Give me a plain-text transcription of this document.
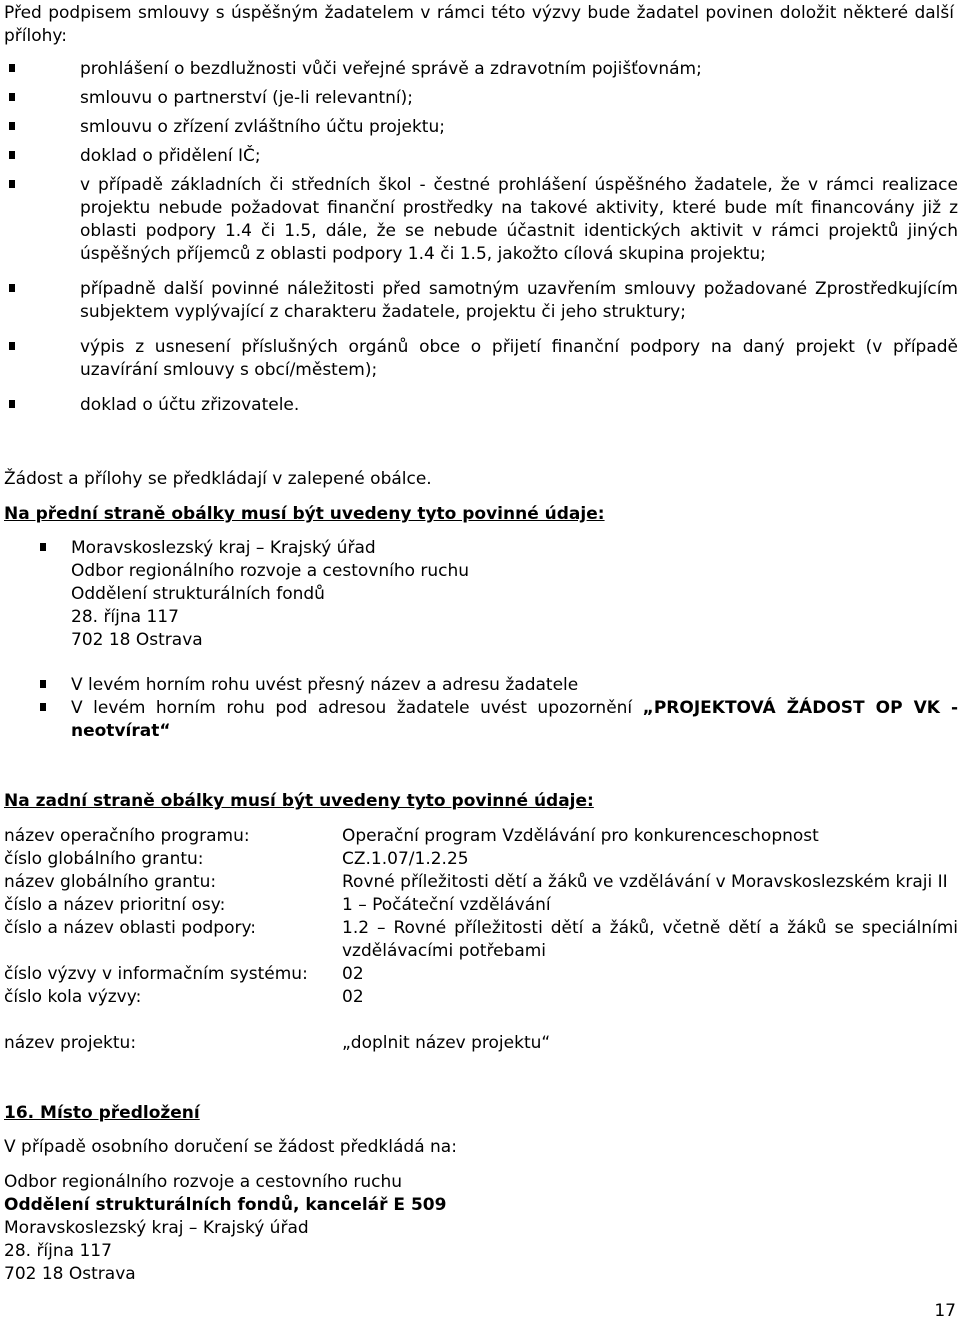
Před podpisem smlouvy s úspěšným žadatelem v rámci této výzvy bude žadatel povinen doložit některé další přílohy:
prohlášení o bezdlužnosti vůči veřejné správě a zdravotním pojišťovnám;
smlouvu o partnerství (je-li relevantní);
smlouvu o zřízení zvláštního účtu projektu;
doklad o přidělení IČ;
v případě základních či středních škol - čestné prohlášení úspěšného žadatele, že v rámci realizace projektu nebude požadovat finanční prostředky na takové aktivity, které bude mít financovány již z oblasti podpory 1.4 či 1.5, dále, že se nebude účastnit identických aktivit v rámci projektů jiných úspěšných příjemců z oblasti podpory 1.4 či 1.5, jakožto cílová skupina projektu;
případně další povinné náležitosti před samotným uzavřením smlouvy požadované Zprostředkujícím subjektem vyplývající z charakteru žadatele, projektu či jeho struktury;
výpis z usnesení příslušných orgánů obce o přijetí finanční podpory na daný projekt (v případě uzavírání smlouvy s obcí/městem);
doklad o účtu zřizovatele.
Žádost a přílohy se předkládají v zalepené obálce.
Na přední straně obálky musí být uvedeny tyto povinné údaje:
Moravskoslezský kraj – Krajský úřad
Odbor regionálního rozvoje a cestovního ruchu
Oddělení strukturálních fondů
28. října 117
702 18 Ostrava
V levém horním rohu uvést přesný název a adresu žadatele
V levém horním rohu pod adresou žadatele uvést upozornění „PROJEKTOVÁ ŽÁDOST OP VK - neotvírat“
Na zadní straně obálky musí být uvedeny tyto povinné údaje:
název operačního programu:	Operační program Vzdělávání pro konkurenceschopnost
číslo globálního grantu:	CZ.1.07/1.2.25
název globálního grantu:	Rovné příležitosti dětí a žáků ve vzdělávání v Moravskoslezském kraji II
číslo a název prioritní osy:	1 – Počáteční vzdělávání
číslo a název oblasti podpory:	1.2 – Rovné příležitosti dětí a žáků, včetně dětí a žáků se speciálními vzdělávacími potřebami
číslo výzvy v informačním systému: 02
číslo kola výzvy:	02
název projektu:	„doplnit název projektu“
16. Místo předložení
V případě osobního doručení se žádost předkládá na:
Odbor regionálního rozvoje a cestovního ruchu
Oddělení strukturálních fondů, kancelář E 509
Moravskoslezský kraj – Krajský úřad
28. října 117
702 18 Ostrava
17
